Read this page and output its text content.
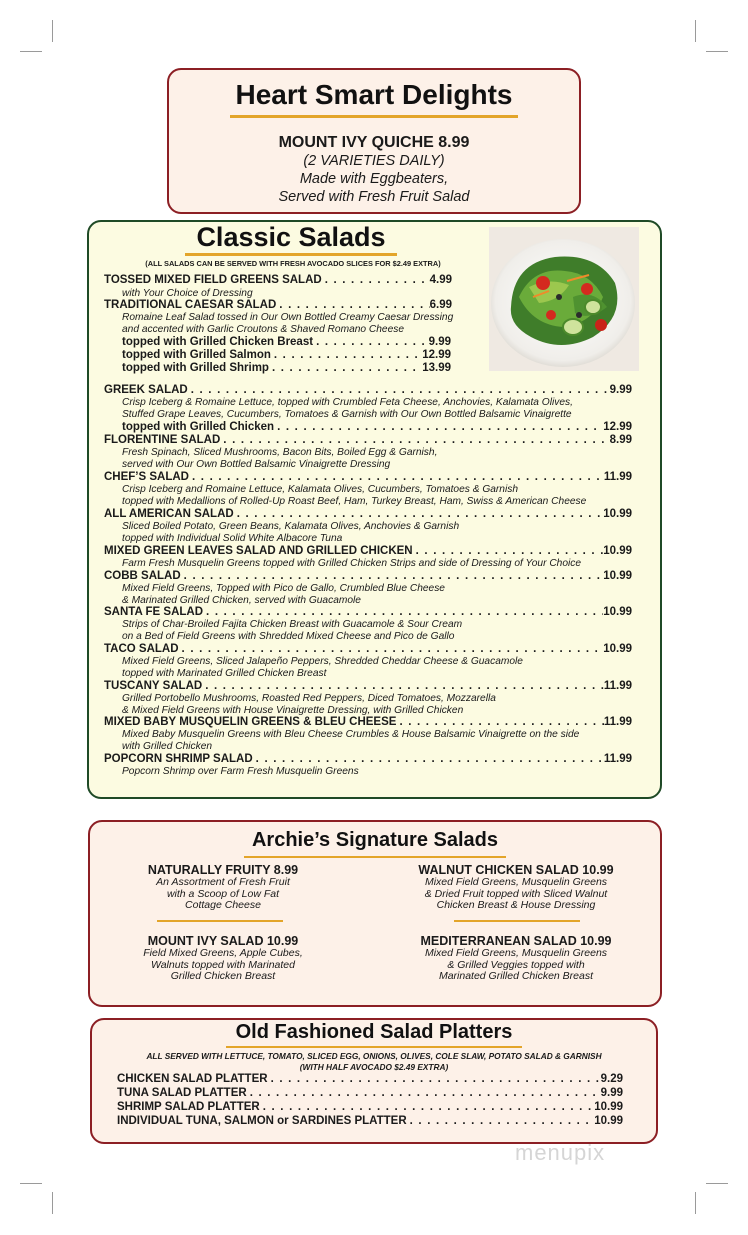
Heart Smart Delights
MOUNT IVY QUICHE 8.99
(2 VARIETIES DAILY)
Made with Eggbeaters,
Served with Fresh Fruit Salad
Classic Salads
(ALL SALADS CAN BE SERVED WITH FRESH AVOCADO SLICES FOR $2.49 EXTRA)
TOSSED MIXED FIELD GREENS SALAD . . .	4.99
with Your Choice of Dressing
TRADITIONAL CAESAR SALAD . . .	6.99
Romaine Leaf Salad tossed in Our Own Bottled Creamy Caesar Dressing
and accented with Garlic Croutons & Shaved Romano Cheese
topped with Grilled Chicken Breast . . .	9.99
topped with Grilled Salmon . . .	12.99
topped with Grilled Shrimp . . .	13.99
GREEK SALAD . . .	9.99
Crisp Iceberg & Romaine Lettuce, topped with Crumbled Feta Cheese, Anchovies, Kalamata Olives,
Stuffed Grape Leaves, Cucumbers, Tomatoes & Garnish with Our Own Bottled Balsamic Vinaigrette
topped with Grilled Chicken . . .	12.99
FLORENTINE SALAD . . .	8.99
Fresh Spinach, Sliced Mushrooms, Bacon Bits, Boiled Egg & Garnish,
served with Our Own Bottled Balsamic Vinaigrette Dressing
CHEF’S SALAD . . .	11.99
Crisp Iceberg and Romaine Lettuce, Kalamata Olives, Cucumbers, Tomatoes & Garnish
topped with Medallions of Rolled-Up Roast Beef, Ham, Turkey Breast, Ham, Swiss & American Cheese
ALL AMERICAN SALAD . . .	10.99
Sliced Boiled Potato, Green Beans, Kalamata Olives, Anchovies & Garnish
topped with Individual Solid White Albacore Tuna
MIXED GREEN LEAVES SALAD AND GRILLED CHICKEN . . .	10.99
Farm Fresh Musquelin Greens topped with Grilled Chicken Strips and side of Dressing of Your Choice
COBB SALAD . . .	10.99
Mixed Field Greens, Topped with Pico de Gallo, Crumbled Blue Cheese
& Marinated Grilled Chicken, served with Guacamole
SANTA FE SALAD . . .	10.99
Strips of Char-Broiled Fajita Chicken Breast with Guacamole & Sour Cream
on a Bed of Field Greens with Shredded Mixed Cheese and Pico de Gallo
TACO SALAD . . .	10.99
Mixed Field Greens, Sliced Jalapeño Peppers, Shredded Cheddar Cheese & Guacamole
topped with Marinated Grilled Chicken Breast
TUSCANY SALAD . . .	11.99
Grilled Portobello Mushrooms, Roasted Red Peppers, Diced Tomatoes, Mozzarella
& Mixed Field Greens with House Vinaigrette Dressing, with Grilled Chicken
MIXED BABY MUSQUELIN GREENS & BLEU CHEESE . . .	11.99
Mixed Baby Musquelin Greens with Bleu Cheese Crumbles & House Balsamic Vinaigrette on the side
with Grilled Chicken
POPCORN SHRIMP SALAD . . .	11.99
Popcorn Shrimp over Farm Fresh Musquelin Greens
Archie’s Signature Salads
NATURALLY FRUITY 8.99
An Assortment of Fresh Fruit
with a Scoop of Low Fat
Cottage Cheese
WALNUT CHICKEN SALAD 10.99
Mixed Field Greens, Musquelin Greens
& Dried Fruit topped with Sliced Walnut
Chicken Breast & House Dressing
MOUNT IVY SALAD 10.99
Field Mixed Greens, Apple Cubes,
Walnuts topped with Marinated
Grilled Chicken Breast
MEDITERRANEAN SALAD 10.99
Mixed Field Greens, Musquelin Greens
& Grilled Veggies topped with
Marinated Grilled Chicken Breast
Old Fashioned Salad Platters
ALL SERVED WITH LETTUCE, TOMATO, SLICED EGG, ONIONS, OLIVES, COLE SLAW, POTATO SALAD & GARNISH
(WITH HALF AVOCADO $2.49 EXTRA)
CHICKEN SALAD PLATTER . . .	9.29
TUNA SALAD PLATTER . . .	9.99
SHRIMP SALAD PLATTER . . .	10.99
INDIVIDUAL TUNA, SALMON or SARDINES PLATTER . . .	10.99
menupix
